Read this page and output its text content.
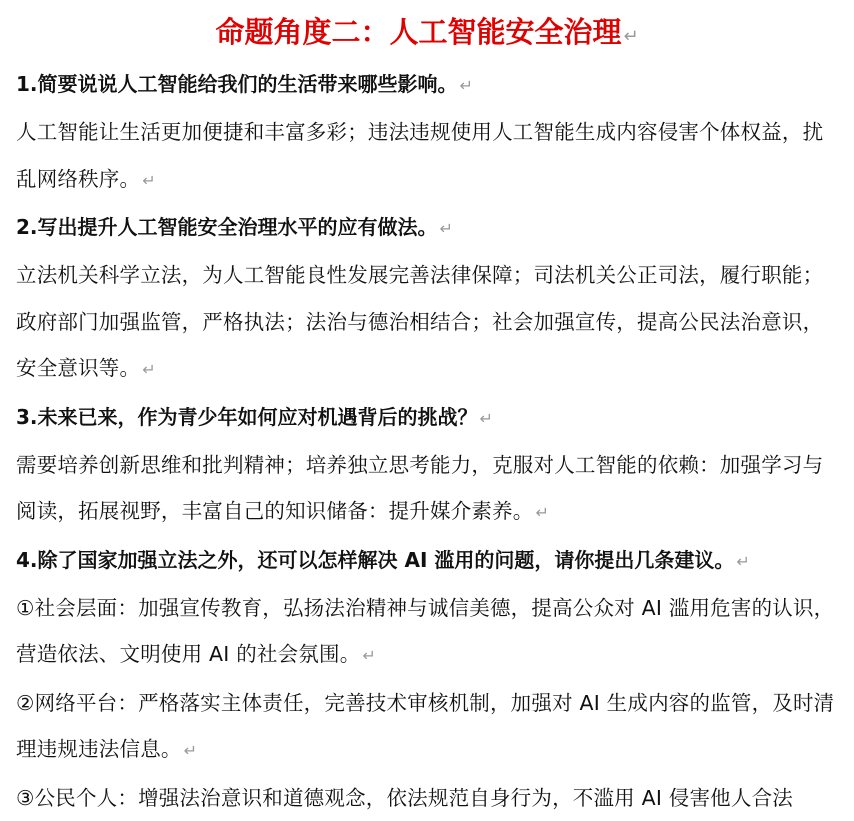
命题角度二：人工智能安全治理 ↵
1.简要说说人工智能给我们的生活带来哪些影响。 ↵
人工智能让生活更加便捷和丰富多彩；违法违规使用人工智能生成内容侵害个体权益，扰乱网络秩序。 ↵
2.写出提升人工智能安全治理水平的应有做法。 ↵
立法机关科学立法，为人工智能良性发展完善法律保障；司法机关公正司法，履行职能；政府部门加强监管，严格执法；法治与德治相结合；社会加强宣传，提高公民法治意识，安全意识等。 ↵
3.未来已来，作为青少年如何应对机遇背后的挑战？ ↵
需要培养创新思维和批判精神；培养独立思考能力，克服对人工智能的依赖：加强学习与阅读，拓展视野，丰富自己的知识储备：提升媒介素养。 ↵
4.除了国家加强立法之外，还可以怎样解决 AI 滥用的问题，请你提出几条建议。 ↵
①社会层面：加强宣传教育，弘扬法治精神与诚信美德，提高公众对 AI 滥用危害的认识，营造依法、文明使用 AI 的社会氛围。 ↵
②网络平台：严格落实主体责任，完善技术审核机制，加强对 AI 生成内容的监管，及时清理违规违法信息。 ↵
③公民个人：增强法治意识和道德观念，依法规范自身行为，不滥用 AI 侵害他人合法
